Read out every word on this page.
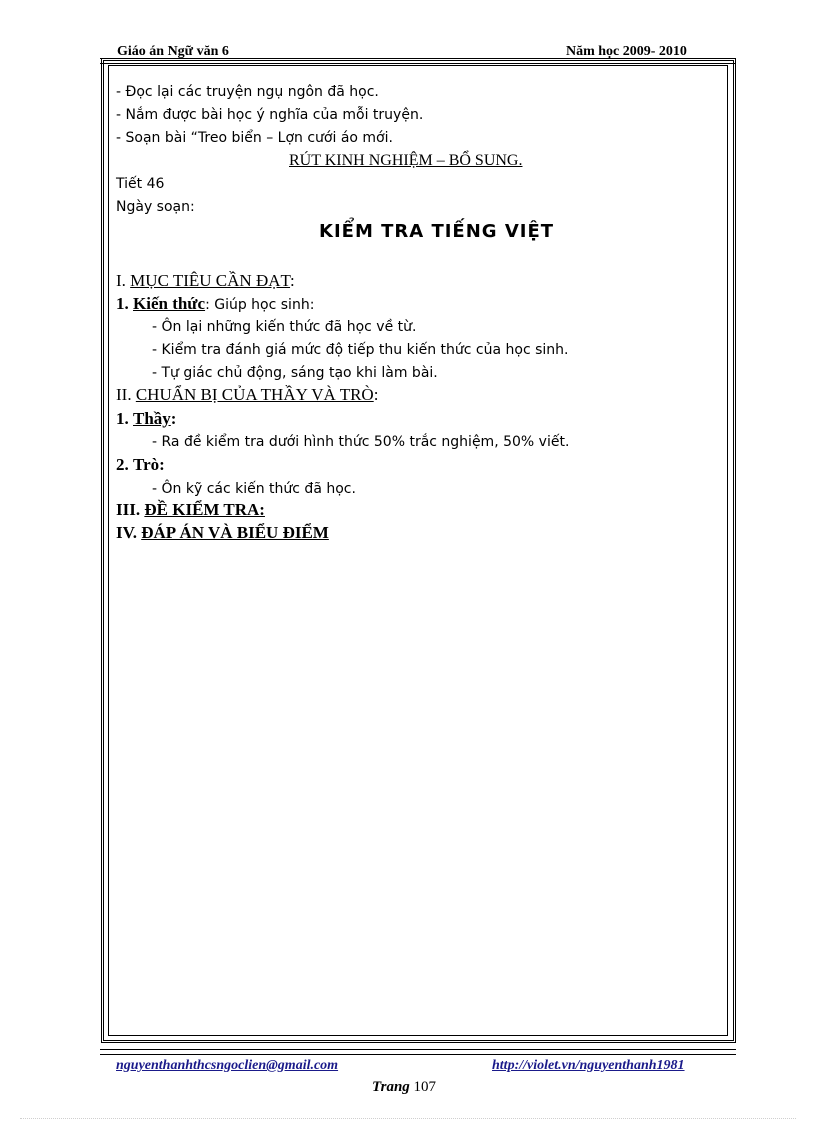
Giáo án Ngữ văn 6	Năm học 2009- 2010
- Đọc lại các truyện ngụ ngôn đã học.
- Nắm được bài học ý nghĩa của mỗi truyện.
- Soạn bài “Treo biển – Lợn cưới áo mới.
RÚT KINH NGHIỆM – BỔ SUNG.
Tiết 46
Ngày soạn:
KIỂM TRA TIẾNG VIỆT
I. MỤC TIÊU CẦN ĐẠT:
1. Kiến thức: Giúp học sinh:
- Ôn lại những kiến thức đã học về từ.
- Kiểm tra đánh giá mức độ tiếp thu kiến thức của học sinh.
- Tự giác chủ động, sáng tạo khi làm bài.
II. CHUẨN BỊ CỦA THẦY VÀ TRÒ:
1. Thầy:
- Ra đề kiểm tra dưới hình thức 50% trắc nghiệm, 50% viết.
2. Trò:
- Ôn kỹ các kiến thức đã học.
III. ĐỀ KIỂM TRA:
IV. ĐÁP ÁN VÀ BIỂU ĐIỂM
nguyenthanhthcsngoclien@gmail.com	http://violet.vn/nguyenthanh1981
Trang 107
